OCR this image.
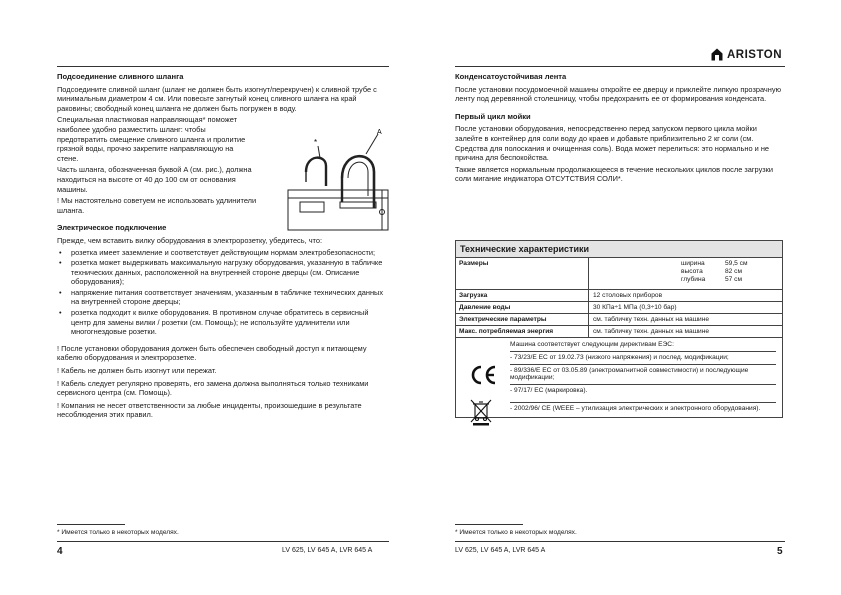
Подсоединение сливного шланга

Подсоедините сливной шланг (шланг не должен быть изогнут/перекручен) к сливной трубе с минимальным диаметром 4 см. Или повесьте загнутый конец сливного шланга на край раковины; свободный конец шланга не должен быть погружен в воду.

Специальная пластиковая направляющая* поможет наиболее удобно разместить шланг: чтобы предотвратить смещение сливного шланга и пролитие грязной воды, прочно закрепите направляющую на стене.

Часть шланга, обозначенная буквой A (см. рис.), должна находиться на высоте от 40 до 100 см от основания машины.

! Мы настоятельно советуем не использовать удлинители шланга.

Электрическое подключение

Прежде, чем вставить вилку оборудования в электророзетку, убедитесь, что:

• розетка имеет заземление и соответствует действующим нормам электробезопасности;
• розетка может выдерживать максимальную нагрузку оборудования, указанную в табличке технических данных, расположенной на внутренней стороне дверцы (см. Описание оборудования);
• напряжение питания соответствует значениям, указанным в табличке технических данных на внутренней стороне дверцы;
• розетка подходит к вилке оборудования. В противном случае обратитесь в сервисный центр для замены вилки / розетки (см. Помощь); не используйте удлинители или многогнездовые розетки.

! После установки оборудования должен быть обеспечен свободный доступ к питающему кабелю оборудования и электророзетке.

! Кабель не должен быть изогнут или пережат.

! Кабель следует регулярно проверять, его замена должна выполняться только техниками сервисного центра (см. Помощь).

! Компания не несет ответственности за любые инциденты, произошедшие в результате несоблюдения этих правил.

*
A
* Имеется только в некоторых моделях.
4	LV 625, LV 645 A, LVR 645 A
ARISTON
Конденсатоустойчивая лента

После установки посудомоечной машины откройте ее дверцу и приклейте липкую прозрачную ленту под деревянной столешницу, чтобы предохранить ее от формирования конденсата.

Первый цикл мойки

После установки оборудования, непосредственно перед запуском первого цикла мойки залейте в контейнер для соли воду до краев и добавьте приблизительно 2 кг соли (см. Средства для полоскания и очищенная соль). Вода может перелиться: это нормально и не причина для беспокойства.

Также является нормальным продолжающееся в течение нескольких циклов после загрузки соли мигание индикатора ОТСУТСТВИЯ СОЛИ*.

Технические характеристики
Размеры	ширина	59,5 см
высота	82 см
глубина	57 см
Загрузка	12 столовых приборов
Давление воды	30 КПа÷1 МПа (0,3÷10 бар)
Электрические параметры	см. табличку техн. данных на машине
Макс. потребляемая энергия	см. табличку техн. данных на машине
Машина соответствует следующим директивам ЕЭС:
- 73/23/E EC от 19.02.73 (низкого напряжения) и послед. модификации;
- 89/336/E EC от 03.05.89 (электромагнитной совместимости) и последующие модификации;
- 97/17/ EC (маркировка).
- 2002/96/ CE (WEEE – утилизация электрических и электронного оборудования).
* Имеется только в некоторых моделях.
LV 625, LV 645 A, LVR 645 A	5
